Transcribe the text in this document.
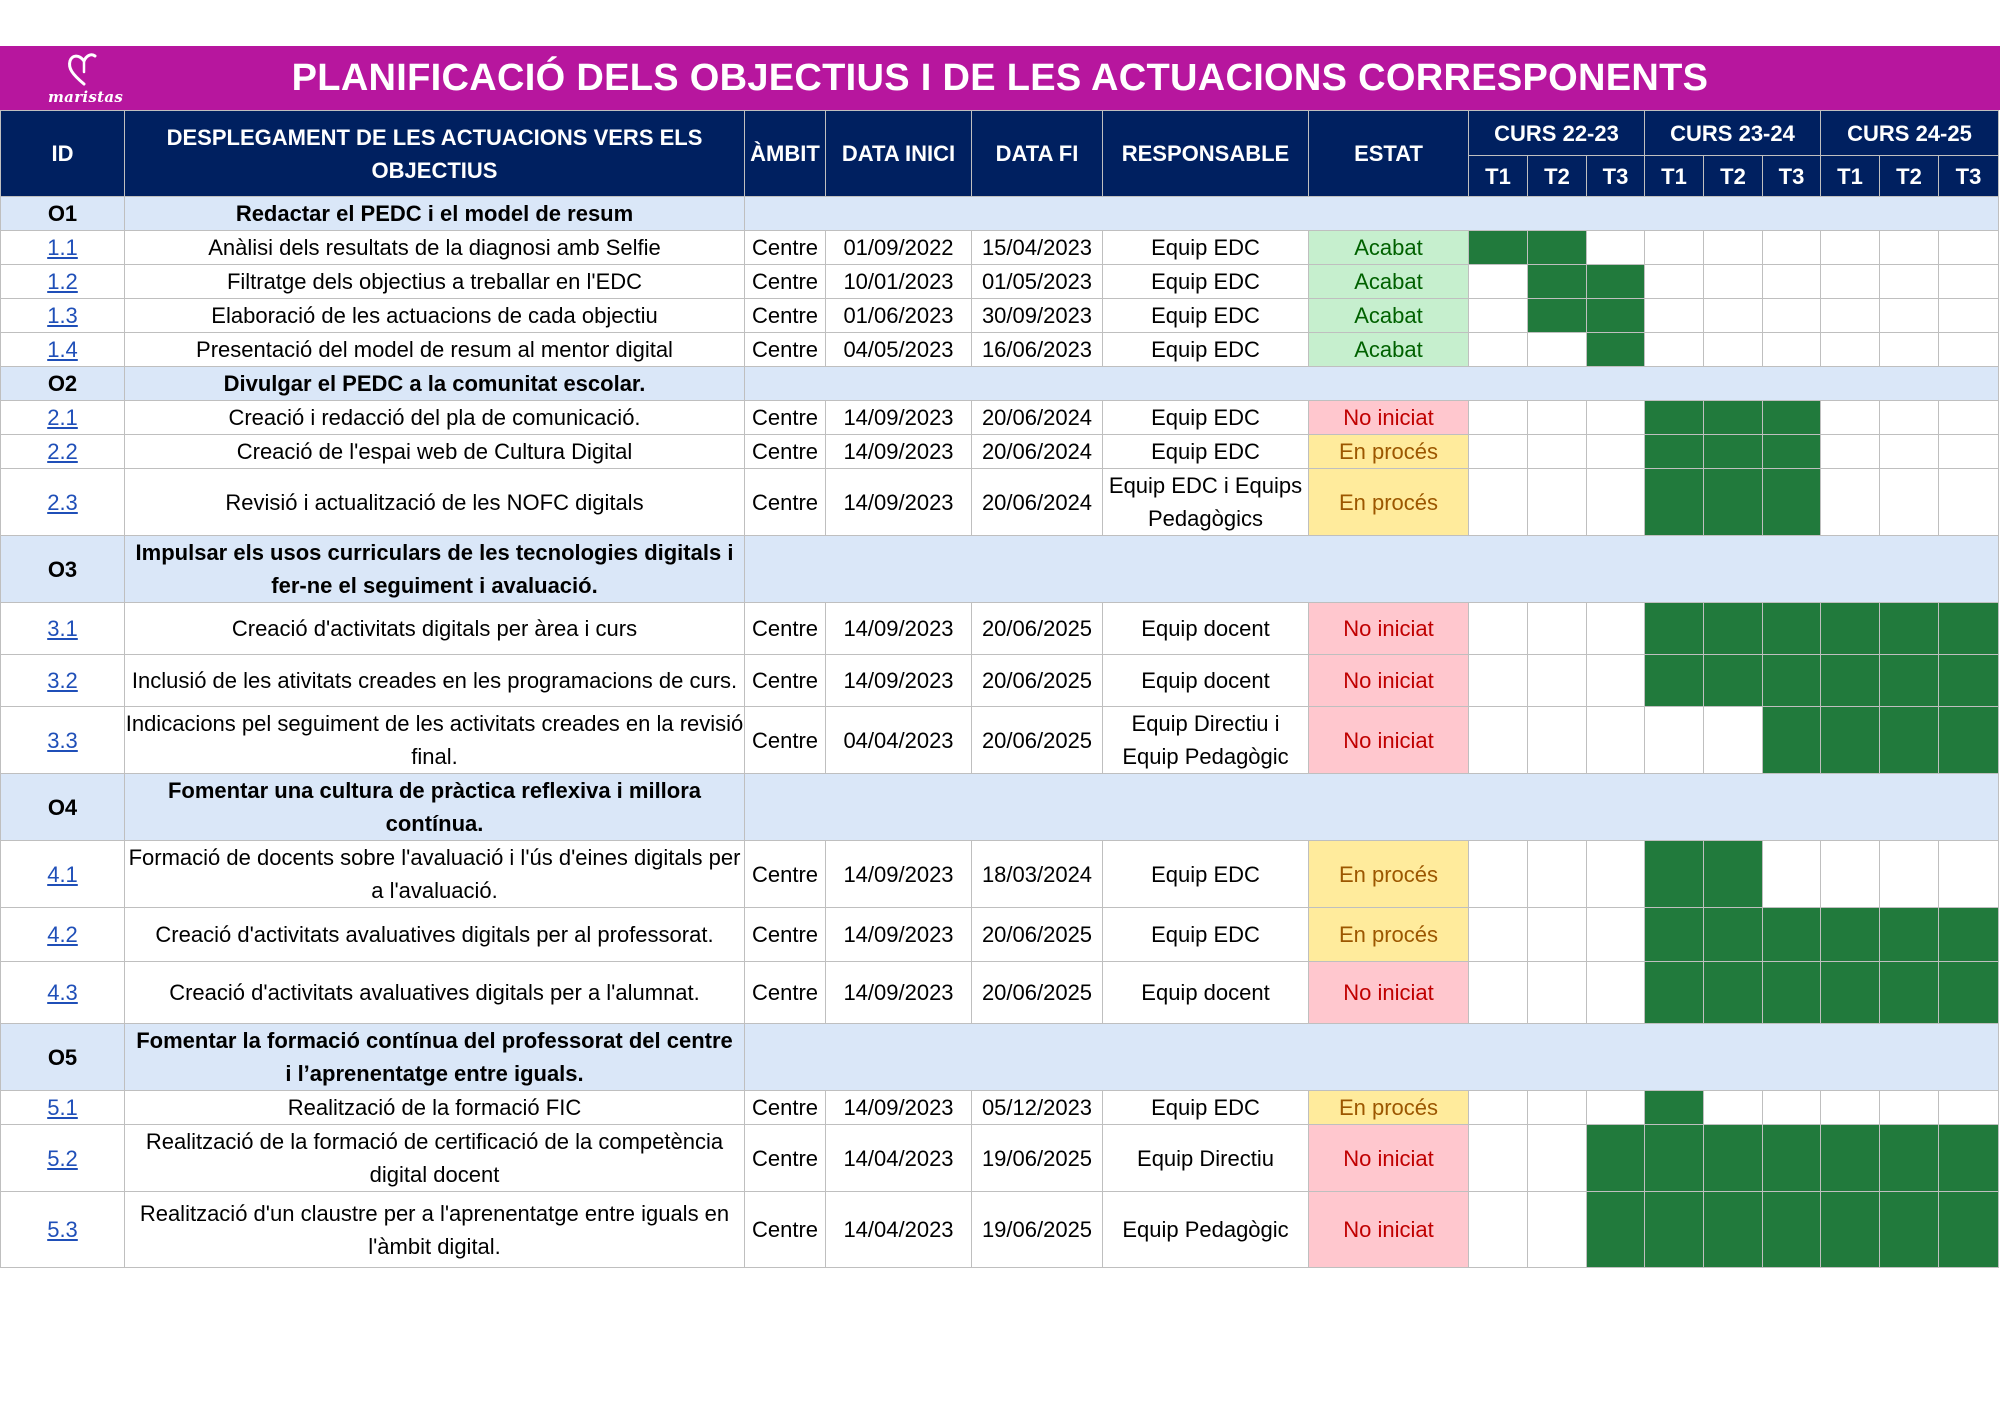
maristas	PLANIFICACIÓ DELS OBJECTIUS I DE LES ACTUACIONS CORRESPONENTS
ID	DESPLEGAMENT DE LES ACTUACIONS VERS ELS OBJECTIUS	ÀMBIT	DATA INICI	DATA FI	RESPONSABLE	ESTAT	CURS 22-23			CURS 23-24			CURS 24-25		
							T1	T2	T3	T1	T2	T3	T1	T2	T3
O1	Redactar el PEDC i el model de resum														
1.1	Anàlisi dels resultats de la diagnosi amb Selfie	Centre	01/09/2022	15/04/2023	Equip EDC	Acabat									
1.2	Filtratge dels objectius a treballar en l'EDC	Centre	10/01/2023	01/05/2023	Equip EDC	Acabat									
1.3	Elaboració de les actuacions de cada objectiu	Centre	01/06/2023	30/09/2023	Equip EDC	Acabat									
1.4	Presentació del model de resum al mentor digital	Centre	04/05/2023	16/06/2023	Equip EDC	Acabat									
O2	Divulgar el PEDC a la comunitat escolar.														
2.1	Creació i redacció del pla de comunicació.	Centre	14/09/2023	20/06/2024	Equip EDC	No iniciat									
2.2	Creació de l'espai web de Cultura Digital	Centre	14/09/2023	20/06/2024	Equip EDC	En procés									
2.3	Revisió i actualització de les NOFC digitals	Centre	14/09/2023	20/06/2024	Equip EDC i Equips Pedagògics	En procés									
O3	Impulsar els usos curriculars de les tecnologies digitals i fer-ne el seguiment i avaluació.														
3.1	Creació d'activitats digitals per àrea i curs	Centre	14/09/2023	20/06/2025	Equip docent	No iniciat									
3.2	Inclusió de les ativitats creades en les programacions de curs.	Centre	14/09/2023	20/06/2025	Equip docent	No iniciat									
3.3	Indicacions pel seguiment de les activitats creades en la revisió final.	Centre	04/04/2023	20/06/2025	Equip Directiu i Equip Pedagògic	No iniciat									
O4	Fomentar una cultura de pràctica reflexiva i millora contínua.														
4.1	Formació de docents sobre l'avaluació i l'ús d'eines digitals per a l'avaluació.	Centre	14/09/2023	18/03/2024	Equip EDC	En procés									
4.2	Creació d'activitats avaluatives digitals per al professorat.	Centre	14/09/2023	20/06/2025	Equip EDC	En procés									
4.3	Creació d'activitats avaluatives digitals per a l'alumnat.	Centre	14/09/2023	20/06/2025	Equip docent	No iniciat									
O5	Fomentar la formació contínua del professorat del centre i l’aprenentatge entre iguals.														
5.1	Realització de la formació FIC	Centre	14/09/2023	05/12/2023	Equip EDC	En procés									
5.2	Realització de la formació de certificació de la competència digital docent	Centre	14/04/2023	19/06/2025	Equip Directiu	No iniciat									
5.3	Realització d'un claustre per a l'aprenentatge entre iguals en l'àmbit digital.	Centre	14/04/2023	19/06/2025	Equip Pedagògic	No iniciat									
